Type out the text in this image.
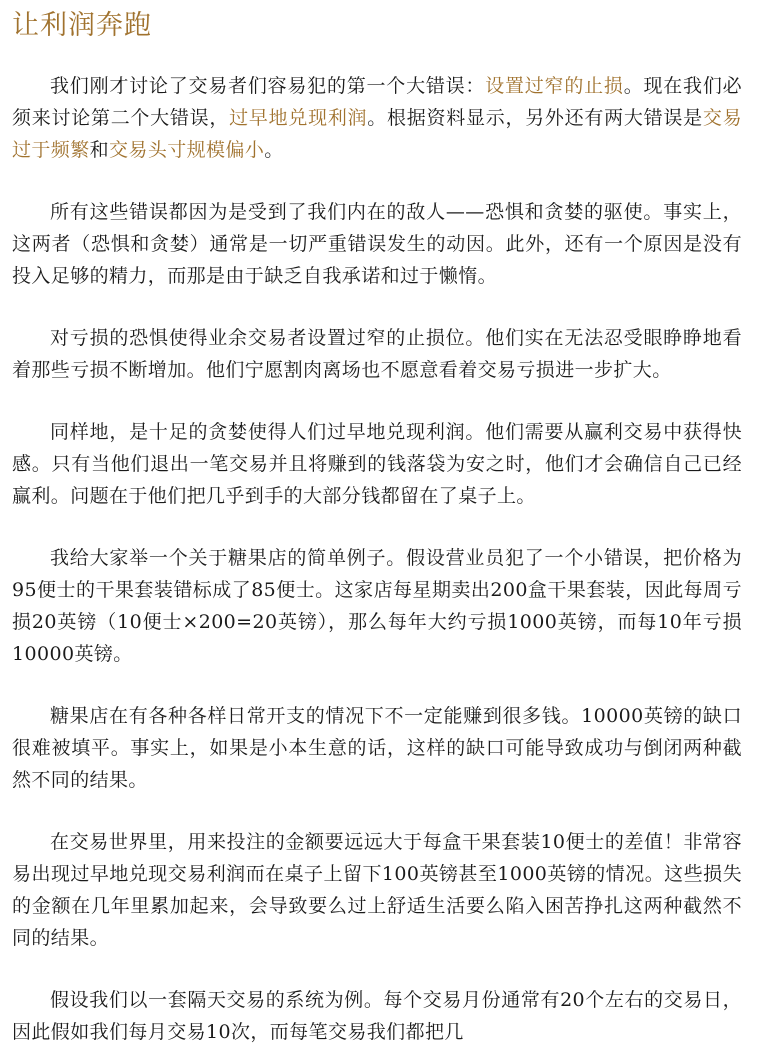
让利润奔跑

我们刚才讨论了交易者们容易犯的第一个大错误：设置过窄的止损。现在我们必须来讨论第二个大错误，过早地兑现利润。根据资料显示，另外还有两大错误是交易过于频繁和交易头寸规模偏小。

所有这些错误都因为是受到了我们内在的敌人——恐惧和贪婪的驱使。事实上，这两者（恐惧和贪婪）通常是一切严重错误发生的动因。此外，还有一个原因是没有投入足够的精力，而那是由于缺乏自我承诺和过于懒惰。

对亏损的恐惧使得业余交易者设置过窄的止损位。他们实在无法忍受眼睁睁地看着那些亏损不断增加。他们宁愿割肉离场也不愿意看着交易亏损进一步扩大。

同样地，是十足的贪婪使得人们过早地兑现利润。他们需要从赢利交易中获得快感。只有当他们退出一笔交易并且将赚到的钱落袋为安之时，他们才会确信自己已经赢利。问题在于他们把几乎到手的大部分钱都留在了桌子上。

我给大家举一个关于糖果店的简单例子。假设营业员犯了一个小错误，把价格为95便士的干果套装错标成了85便士。这家店每星期卖出200盒干果套装，因此每周亏损20英镑（10便士×200=20英镑），那么每年大约亏损1000英镑，而每10年亏损10000英镑。

糖果店在有各种各样日常开支的情况下不一定能赚到很多钱。10000英镑的缺口很难被填平。事实上，如果是小本生意的话，这样的缺口可能导致成功与倒闭两种截然不同的结果。

在交易世界里，用来投注的金额要远远大于每盒干果套装10便士的差值！非常容易出现过早地兑现交易利润而在桌子上留下100英镑甚至1000英镑的情况。这些损失的金额在几年里累加起来，会导致要么过上舒适生活要么陷入困苦挣扎这两种截然不同的结果。

假设我们以一套隔天交易的系统为例。每个交易月份通常有20个左右的交易日，因此假如我们每月交易10次，而每笔交易我们都把几
